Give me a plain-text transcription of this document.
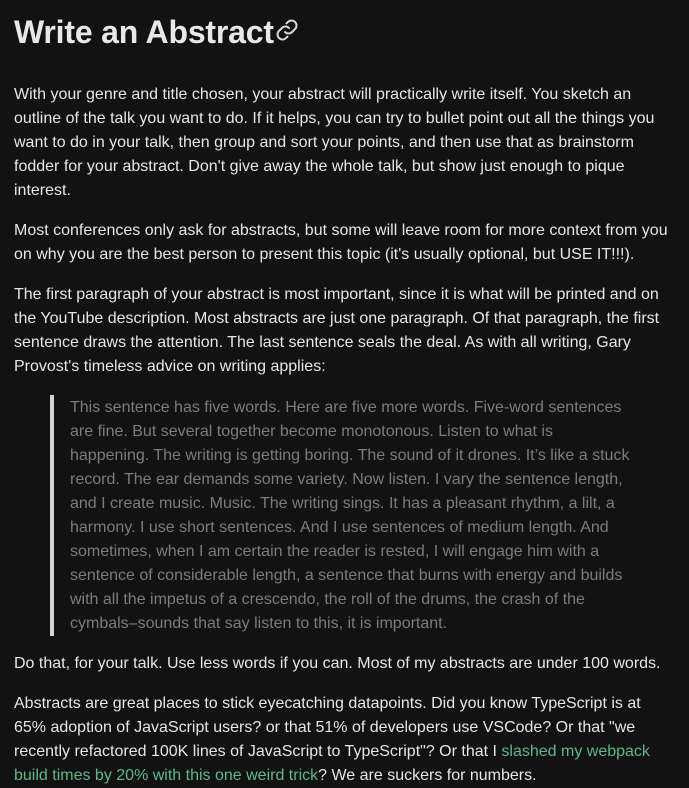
Write an Abstract

With your genre and title chosen, your abstract will practically write itself. You sketch an outline of the talk you want to do. If it helps, you can try to bullet point out all the things you want to do in your talk, then group and sort your points, and then use that as brainstorm fodder for your abstract. Don't give away the whole talk, but show just enough to pique interest.

Most conferences only ask for abstracts, but some will leave room for more context from you on why you are the best person to present this topic (it's usually optional, but USE IT!!!).

The first paragraph of your abstract is most important, since it is what will be printed and on the YouTube description. Most abstracts are just one paragraph. Of that paragraph, the first sentence draws the attention. The last sentence seals the deal. As with all writing, Gary Provost's timeless advice on writing applies:

This sentence has five words. Here are five more words. Five-word sentences are fine. But several together become monotonous. Listen to what is happening. The writing is getting boring. The sound of it drones. It’s like a stuck record. The ear demands some variety. Now listen. I vary the sentence length, and I create music. Music. The writing sings. It has a pleasant rhythm, a lilt, a harmony. I use short sentences. And I use sentences of medium length. And sometimes, when I am certain the reader is rested, I will engage him with a sentence of considerable length, a sentence that burns with energy and builds with all the impetus of a crescendo, the roll of the drums, the crash of the cymbals–sounds that say listen to this, it is important.

Do that, for your talk. Use less words if you can. Most of my abstracts are under 100 words.

Abstracts are great places to stick eyecatching datapoints. Did you know TypeScript is at 65% adoption of JavaScript users? or that 51% of developers use VSCode? Or that "we recently refactored 100K lines of JavaScript to TypeScript"? Or that I slashed my webpack build times by 20% with this one weird trick? We are suckers for numbers.
